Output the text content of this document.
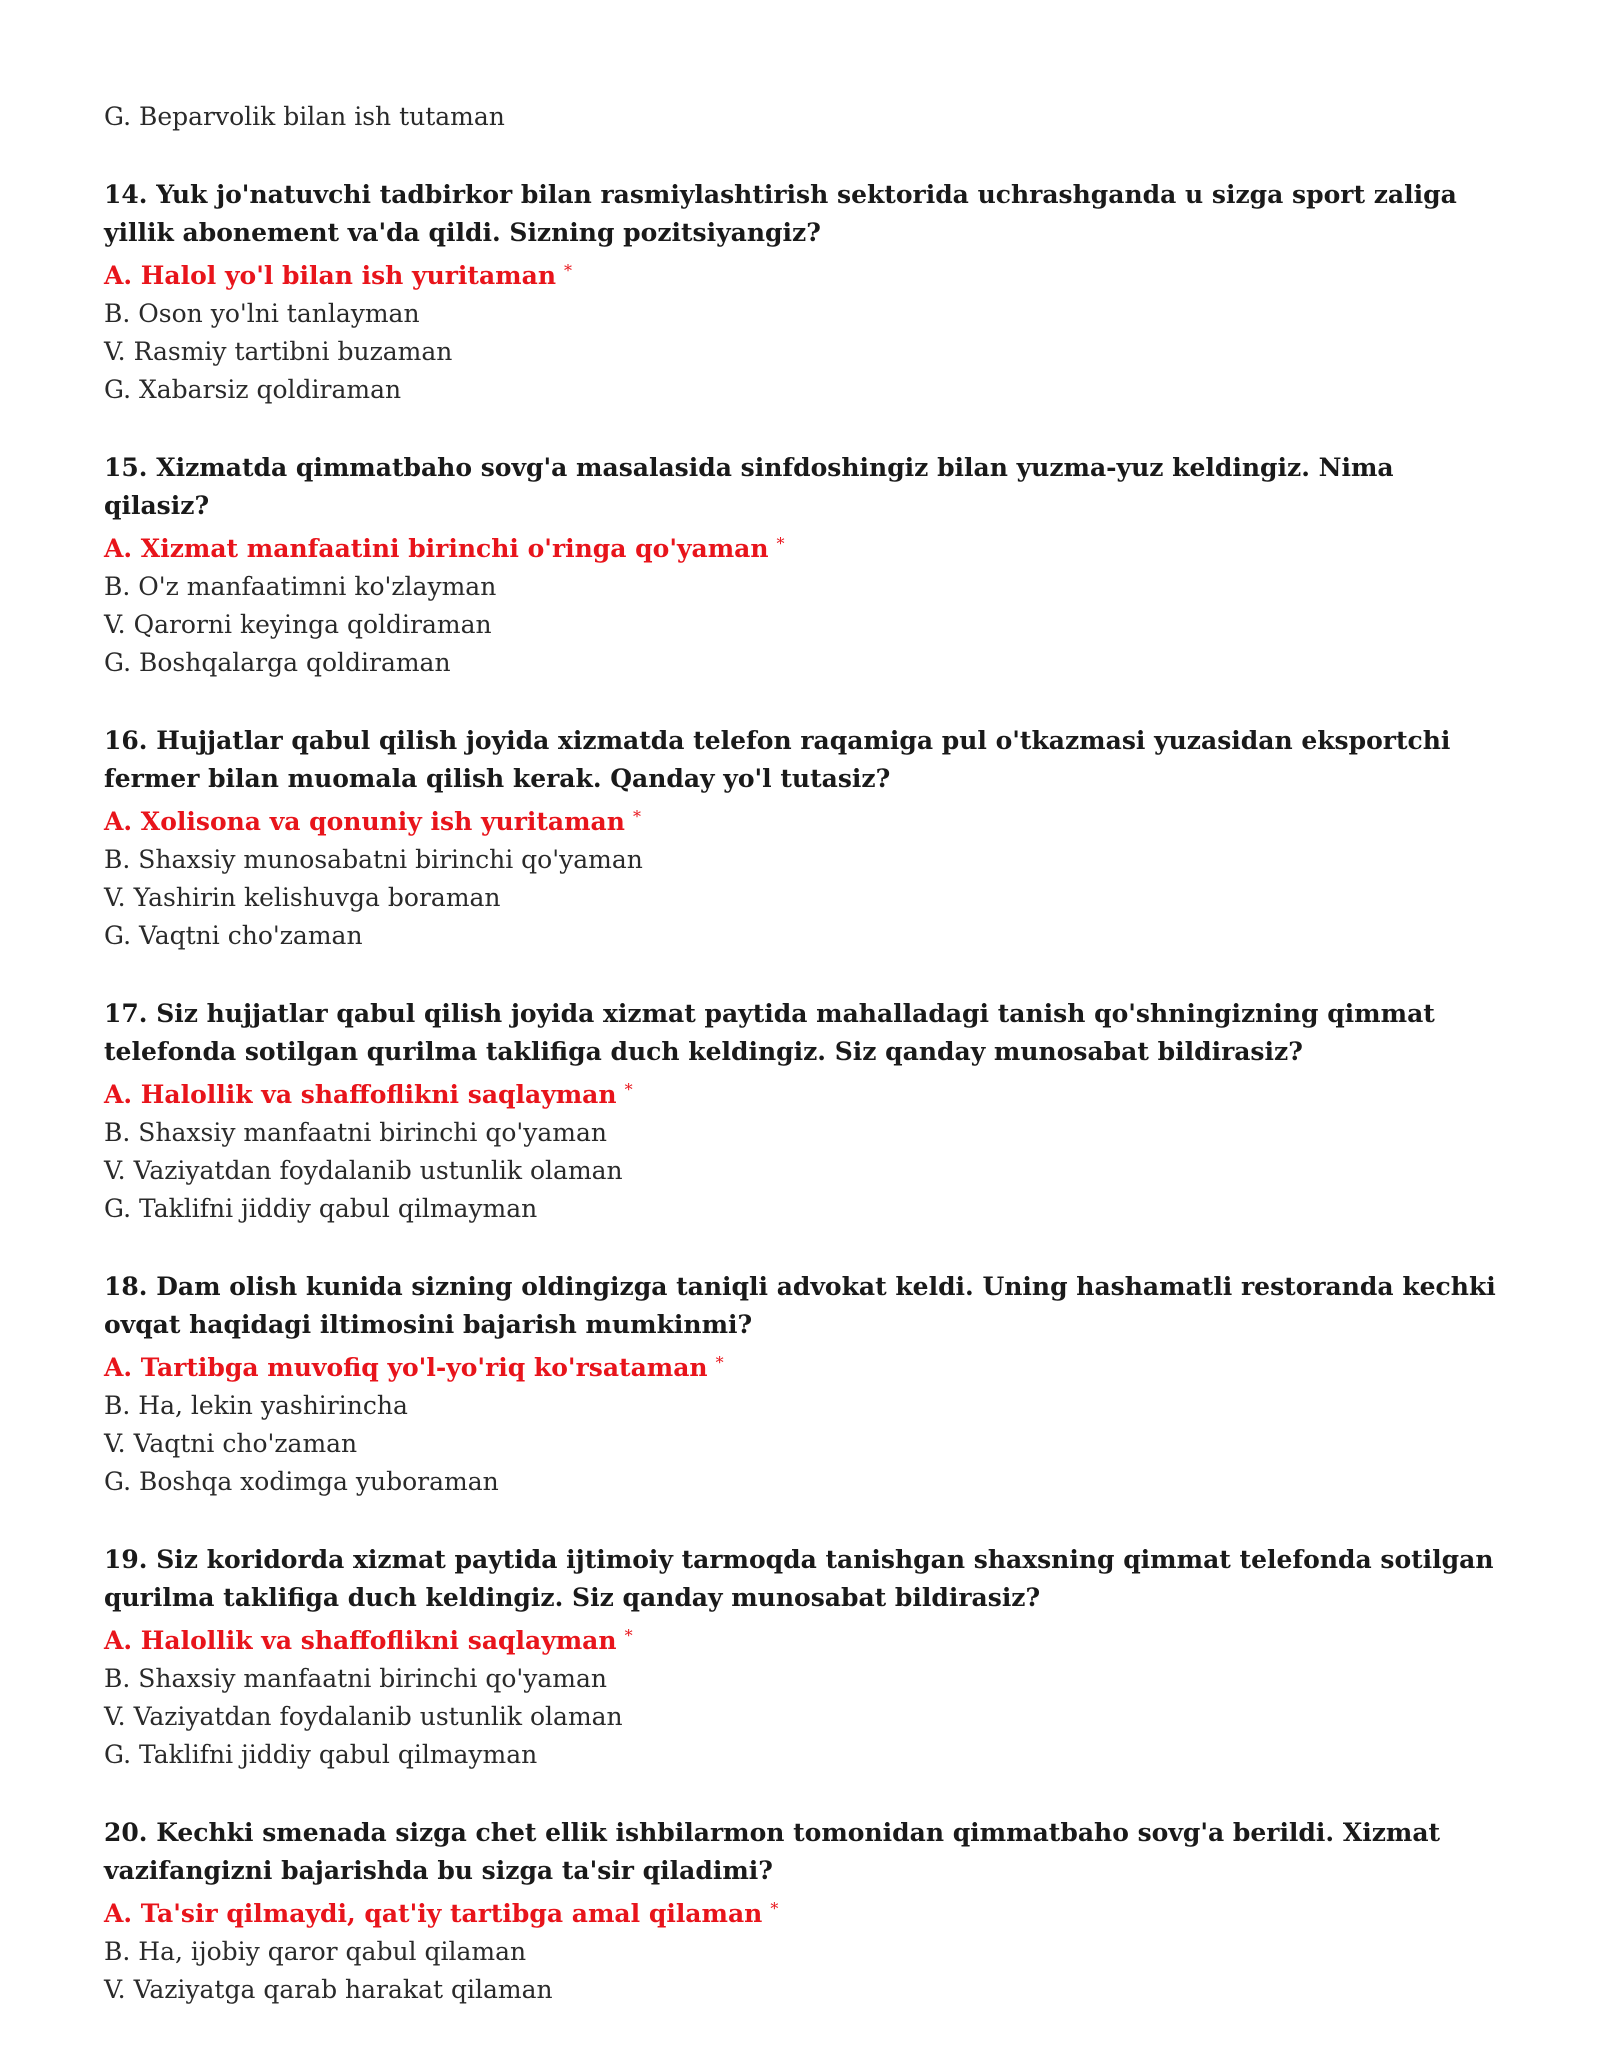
G. Beparvolik bilan ish tutaman

14. Yuk jo'natuvchi tadbirkor bilan rasmiylashtirish sektorida uchrashganda u sizga sport zaliga yillik abonement va'da qildi. Sizning pozitsiyangiz?

A. Halol yo'l bilan ish yuritaman *

B. Oson yo'lni tanlayman

V. Rasmiy tartibni buzaman

G. Xabarsiz qoldiraman

15. Xizmatda qimmatbaho sovg'a masalasida sinfdoshingiz bilan yuzma-yuz keldingiz. Nima qilasiz?

A. Xizmat manfaatini birinchi o'ringa qo'yaman *

B. O'z manfaatimni ko'zlayman

V. Qarorni keyinga qoldiraman

G. Boshqalarga qoldiraman

16. Hujjatlar qabul qilish joyida xizmatda telefon raqamiga pul o'tkazmasi yuzasidan eksportchi fermer bilan muomala qilish kerak. Qanday yo'l tutasiz?

A. Xolisona va qonuniy ish yuritaman *

B. Shaxsiy munosabatni birinchi qo'yaman

V. Yashirin kelishuvga boraman

G. Vaqtni cho'zaman

17. Siz hujjatlar qabul qilish joyida xizmat paytida mahalladagi tanish qo'shningizning qimmat telefonda sotilgan qurilma taklifiga duch keldingiz. Siz qanday munosabat bildirasiz?

A. Halollik va shaffoflikni saqlayman *

B. Shaxsiy manfaatni birinchi qo'yaman

V. Vaziyatdan foydalanib ustunlik olaman

G. Taklifni jiddiy qabul qilmayman

18. Dam olish kunida sizning oldingizga taniqli advokat keldi. Uning hashamatli restoranda kechki ovqat haqidagi iltimosini bajarish mumkinmi?

A. Tartibga muvofiq yo'l-yo'riq ko'rsataman *

B. Ha, lekin yashirincha

V. Vaqtni cho'zaman

G. Boshqa xodimga yuboraman

19. Siz koridorda xizmat paytida ijtimoiy tarmoqda tanishgan shaxsning qimmat telefonda sotilgan qurilma taklifiga duch keldingiz. Siz qanday munosabat bildirasiz?

A. Halollik va shaffoflikni saqlayman *

B. Shaxsiy manfaatni birinchi qo'yaman

V. Vaziyatdan foydalanib ustunlik olaman

G. Taklifni jiddiy qabul qilmayman

20. Kechki smenada sizga chet ellik ishbilarmon tomonidan qimmatbaho sovg'a berildi. Xizmat vazifangizni bajarishda bu sizga ta'sir qiladimi?

A. Ta'sir qilmaydi, qat'iy tartibga amal qilaman *

B. Ha, ijobiy qaror qabul qilaman

V. Vaziyatga qarab harakat qilaman
